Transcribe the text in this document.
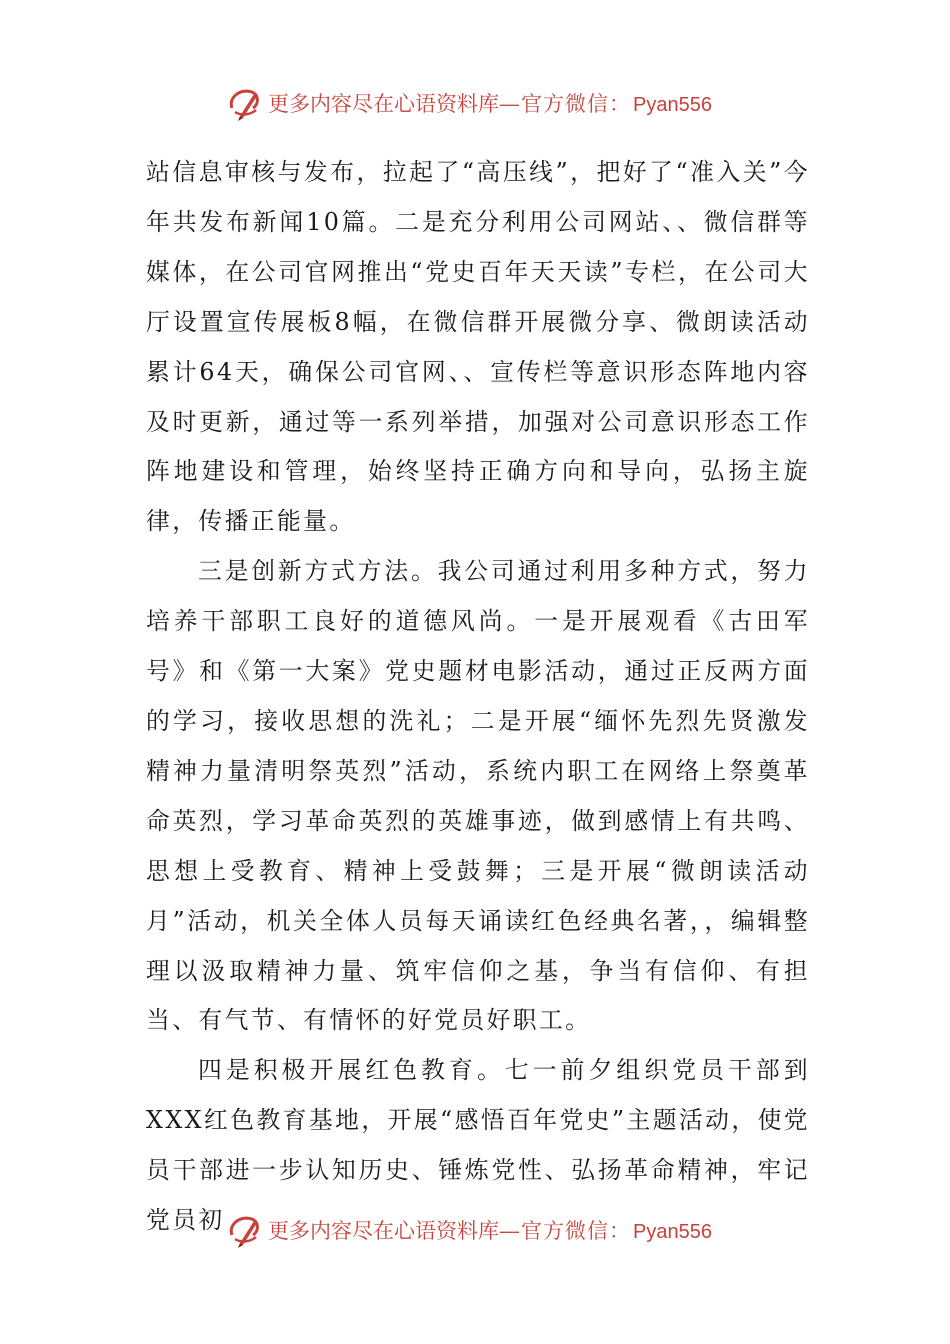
更多内容尽在心语资料库—官方微信： Pyan556

站信息审核与发布，拉起了“高压线”，把好了“准入关”今年共发布新闻10篇。二是充分利用公司网站、、微信群等媒体，在公司官网推出“党史百年天天读”专栏，在公司大厅设置宣传展板8幅，在微信群开展微分享、微朗读活动累计64天，确保公司官网、、宣传栏等意识形态阵地内容及时更新，通过等一系列举措，加强对公司意识形态工作阵地建设和管理，始终坚持正确方向和导向，弘扬主旋律，传播正能量。

三是创新方式方法。我公司通过利用多种方式，努力培养干部职工良好的道德风尚。一是开展观看《古田军号》和《第一大案》党史题材电影活动，通过正反两方面的学习，接收思想的洗礼；二是开展“缅怀先烈先贤激发精神力量清明祭英烈”活动，系统内职工在网络上祭奠革命英烈，学习革命英烈的英雄事迹，做到感情上有共鸣、思想上受教育、精神上受鼓舞；三是开展“微朗读活动月”活动，机关全体人员每天诵读红色经典名著，，编辑整理以汲取精神力量、筑牢信仰之基，争当有信仰、有担当、有气节、有情怀的好党员好职工。

四是积极开展红色教育。七一前夕组织党员干部到XXX红色教育基地，开展“感悟百年党史”主题活动，使党员干部进一步认知历史、锤炼党性、弘扬革命精神，牢记党员初	更多内容尽在心语资料库—官方微信： Pyan556
